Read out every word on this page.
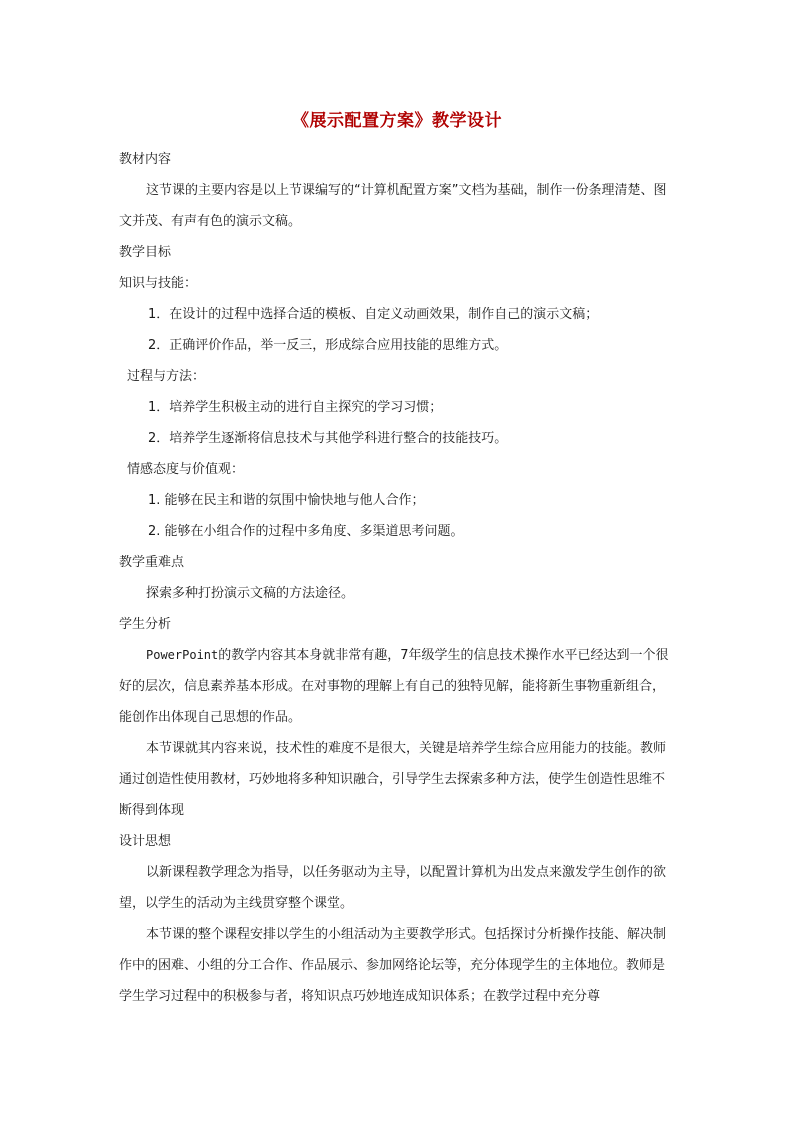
《展示配置方案》教学设计

教材内容

这节课的主要内容是以上节课编写的“计算机配置方案”文档为基础，制作一份条理清楚、图文并茂、有声有色的演示文稿。

教学目标

知识与技能：

1．在设计的过程中选择合适的模板、自定义动画效果，制作自己的演示文稿；

2．正确评价作品，举一反三，形成综合应用技能的思维方式。

过程与方法：

1．培养学生积极主动的进行自主探究的学习习惯；

2．培养学生逐渐将信息技术与其他学科进行整合的技能技巧。

情感态度与价值观：

1. 能够在民主和谐的氛围中愉快地与他人合作；

2. 能够在小组合作的过程中多角度、多渠道思考问题。

教学重难点

探索多种打扮演示文稿的方法途径。

学生分析

PowerPoint的教学内容其本身就非常有趣，7年级学生的信息技术操作水平已经达到一个很好的层次，信息素养基本形成。在对事物的理解上有自己的独特见解，能将新生事物重新组合，能创作出体现自己思想的作品。

本节课就其内容来说，技术性的难度不是很大，关键是培养学生综合应用能力的技能。教师通过创造性使用教材，巧妙地将多种知识融合，引导学生去探索多种方法，使学生创造性思维不断得到体现

设计思想

以新课程教学理念为指导，以任务驱动为主导，以配置计算机为出发点来激发学生创作的欲望，以学生的活动为主线贯穿整个课堂。

本节课的整个课程安排以学生的小组活动为主要教学形式。包括探讨分析操作技能、解决制作中的困难、小组的分工合作、作品展示、参加网络论坛等，充分体现学生的主体地位。教师是学生学习过程中的积极参与者，将知识点巧妙地连成知识体系；在教学过程中充分尊
